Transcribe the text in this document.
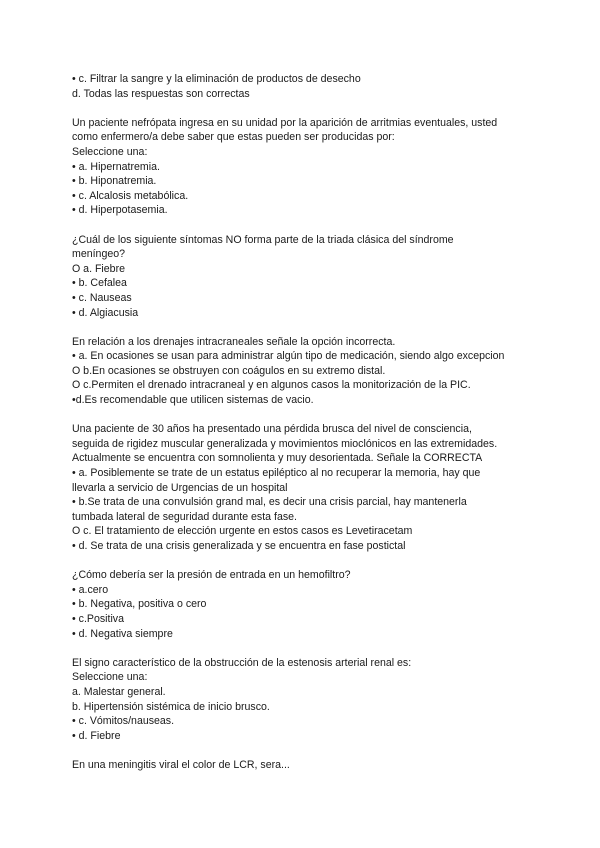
• c. Filtrar la sangre y la eliminación de productos de desecho
d. Todas las respuestas son correctas
Un paciente nefrópata ingresa en su unidad por la aparición de arritmias eventuales, usted
como enfermero/a debe saber que estas pueden ser producidas por:
Seleccione una:
• a. Hipernatremia.
• b. Hiponatremia.
• c. Alcalosis metabólica.
• d. Hiperpotasemia.
¿Cuál de los siguiente síntomas NO forma parte de la triada clásica del síndrome
meníngeo?
O a. Fiebre
• b. Cefalea
• c. Nauseas
• d. Algiacusia
En relación a los drenajes intracraneales señale la opción incorrecta.
• a. En ocasiones se usan para administrar algún tipo de medicación, siendo algo excepcion
O b.En ocasiones se obstruyen con coágulos en su extremo distal.
O c.Permiten el drenado intracraneal y en algunos casos la monitorización de la PIC.
•d.Es recomendable que utilicen sistemas de vacio.
Una paciente de 30 años ha presentado una pérdida brusca del nivel de consciencia,
seguida de rigidez muscular generalizada y movimientos mioclónicos en las extremidades.
Actualmente se encuentra con somnolienta y muy desorientada. Señale la CORRECTA
• a. Posiblemente se trate de un estatus epiléptico al no recuperar la memoria, hay que
llevarla a servicio de Urgencias de un hospital
• b.Se trata de una convulsión grand mal, es decir una crisis parcial, hay mantenerla
tumbada lateral de seguridad durante esta fase.
O c. El tratamiento de elección urgente en estos casos es Levetiracetam
• d. Se trata de una crisis generalizada y se encuentra en fase postictal
¿Cómo debería ser la presión de entrada en un hemofiltro?
• a.cero
• b. Negativa, positiva o cero
• c.Positiva
• d. Negativa siempre
El signo característico de la obstrucción de la estenosis arterial renal es:
Seleccione una:
a. Malestar general.
b. Hipertensión sistémica de inicio brusco.
• c. Vómitos/nauseas.
• d. Fiebre
En una meningitis viral el color de LCR, sera...
